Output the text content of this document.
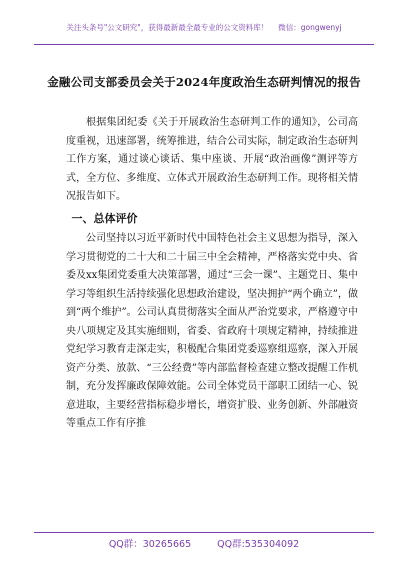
关注头条号"公文研究"，获得最新最全最专业的公文资料库！ 微信：gongwenyj
金融公司支部委员会关于2024年度政治生态研判情况的报告

根据集团纪委《关于开展政治生态研判工作的通知》，公司高度重视，迅速部署，统筹推进，结合公司实际，制定政治生态研判工作方案，通过谈心谈话、集中座谈、开展“政治画像”测评等方式，全方位、多维度、立体式开展政治生态研判工作。现将相关情况报告如下。

一、总体评价

公司坚持以习近平新时代中国特色社会主义思想为指导，深入学习贯彻党的二十大和二十届三中全会精神，严格落实党中央、省委及xx集团党委重大决策部署，通过“三会一课”、主题党日、集中学习等组织生活持续强化思想政治建设，坚决拥护“两个确立”，做到“两个维护”。公司认真贯彻落实全面从严治党要求，严格遵守中央八项规定及其实施细则，省委、省政府十项规定精神，持续推进党纪学习教育走深走实，积极配合集团党委巡察组巡察，深入开展资产分类、放款、“三公经费”等内部监督检查建立整改提醒工作机制，充分发挥廉政保障效能。公司全体党员干部职工团结一心、锐意进取，主要经营指标稳步增长，增资扩股、业务创新、外部融资等重点工作有序推

QQ群：30265665	QQ群:535304092
